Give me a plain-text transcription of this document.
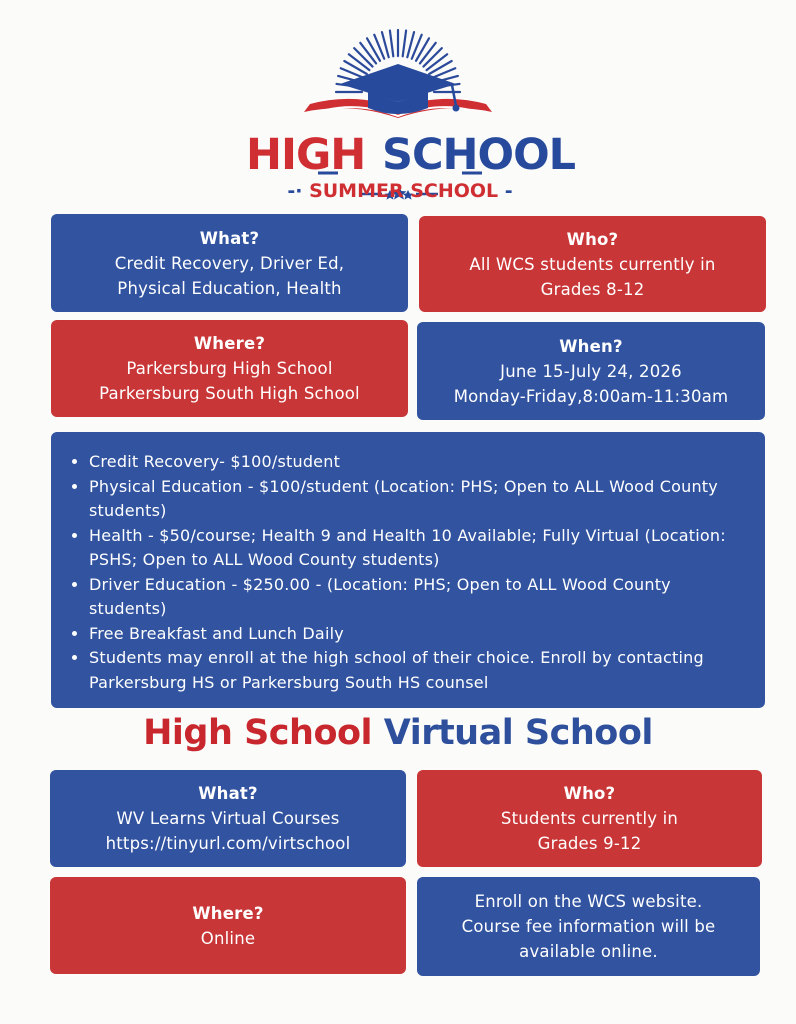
HIGH SCHOOL
-· SUMMER SCHOOL -
What?
Credit Recovery, Driver Ed,
Physical Education, Health
Who?
All WCS students currently in
Grades 8-12
Where?
Parkersburg High School
Parkersburg South High School
When?
June 15-July 24, 2026
Monday-Friday,8:00am-11:30am
• Credit Recovery- $100/student
• Physical Education - $100/student (Location: PHS; Open to ALL Wood County students)
• Health - $50/course; Health 9 and Health 10 Available; Fully Virtual (Location: PSHS; Open to ALL Wood County students)
• Driver Education - $250.00 - (Location: PHS; Open to ALL Wood County students)
• Free Breakfast and Lunch Daily
• Students may enroll at the high school of their choice. Enroll by contacting Parkersburg HS or Parkersburg South HS counsel
High School Virtual School
What?
WV Learns Virtual Courses
https://tinyurl.com/virtschool
Who?
Students currently in
Grades 9-12
Where?
Online
Enroll on the WCS website.
Course fee information will be
available online.
